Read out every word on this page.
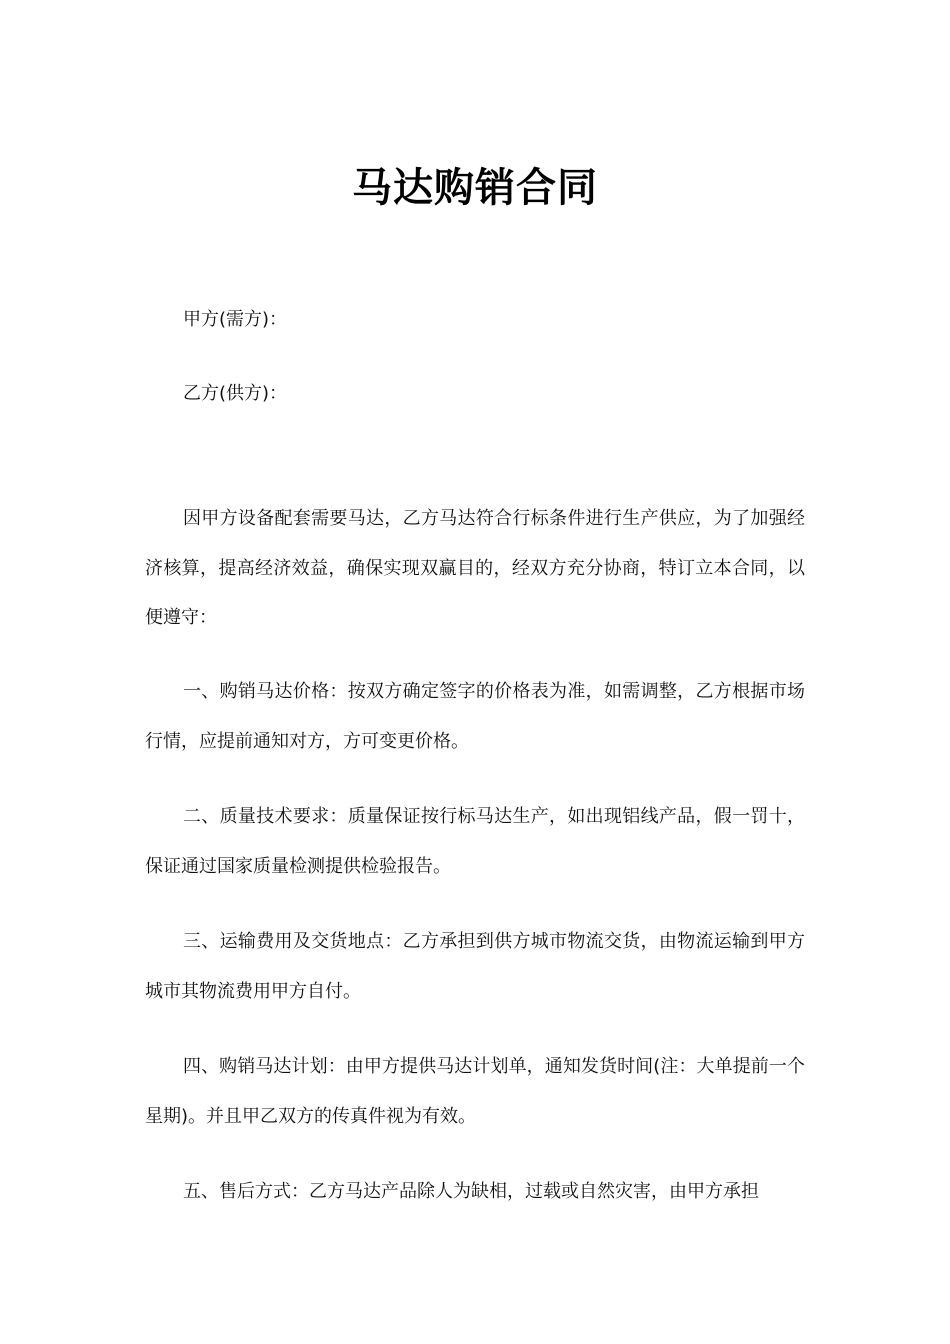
马达购销合同
甲方(需方)：
乙方(供方)：

因甲方设备配套需要马达，乙方马达符合行标条件进行生产供应，为了加强经济核算，提高经济效益，确保实现双赢目的，经双方充分协商，特订立本合同，以便遵守：

一、购销马达价格：按双方确定签字的价格表为准，如需调整，乙方根据市场行情，应提前通知对方，方可变更价格。

二、质量技术要求：质量保证按行标马达生产，如出现铝线产品，假一罚十，保证通过国家质量检测提供检验报告。

三、运输费用及交货地点：乙方承担到供方城市物流交货，由物流运输到甲方城市其物流费用甲方自付。

四、购销马达计划：由甲方提供马达计划单，通知发货时间(注：大单提前一个星期)。并且甲乙双方的传真件视为有效。

五、售后方式：乙方马达产品除人为缺相，过载或自然灾害，由甲方承担
